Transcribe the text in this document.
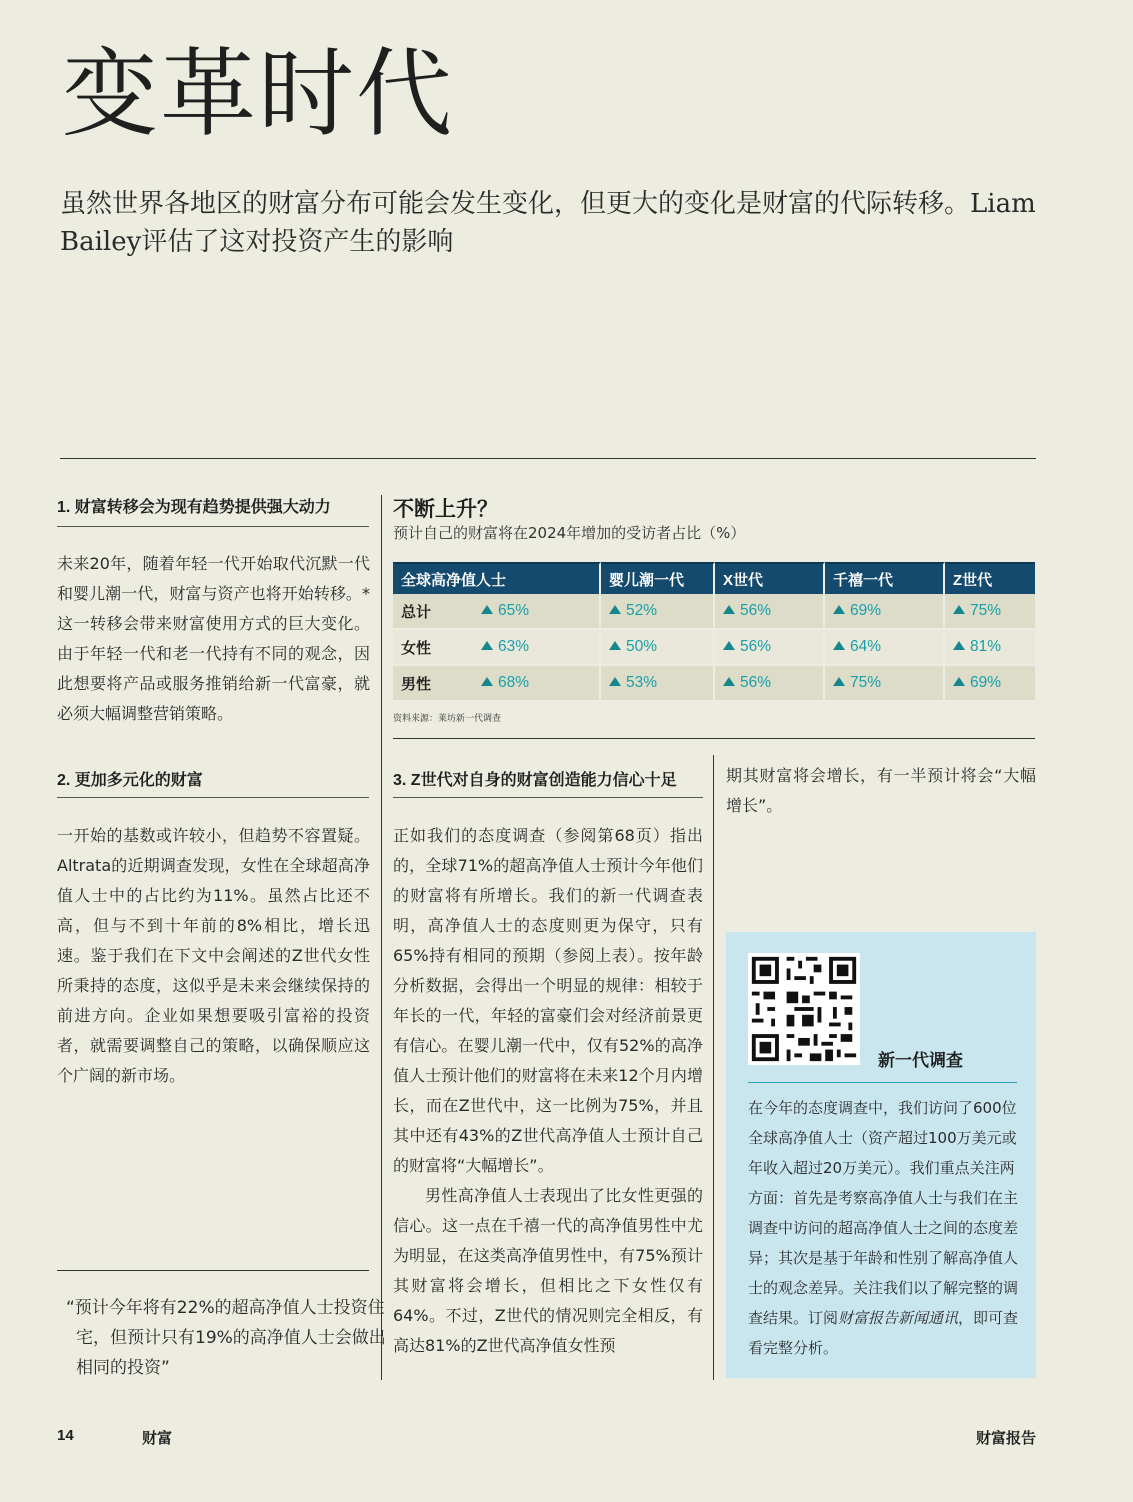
变革时代
虽然世界各地区的财富分布可能会发生变化，但更大的变化是财富的代际转移。Liam Bailey评估了这对投资产生的影响
1. 财富转移会为现有趋势提供强大动力
未来20年，随着年轻一代开始取代沉默一代和婴儿潮一代，财富与资产也将开始转移。*这一转移会带来财富使用方式的巨大变化。由于年轻一代和老一代持有不同的观念，因此想要将产品或服务推销给新一代富豪，就必须大幅调整营销策略。
2. 更加多元化的财富
一开始的基数或许较小，但趋势不容置疑。Altrata的近期调查发现，女性在全球超高净值人士中的占比约为11%。虽然占比还不高，但与不到十年前的8%相比，增长迅速。鉴于我们在下文中会阐述的Z世代女性所秉持的态度，这似乎是未来会继续保持的前进方向。企业如果想要吸引富裕的投资者，就需要调整自己的策略，以确保顺应这个广阔的新市场。
“预计今年将有22%的超高净值人士投资住宅，但预计只有19%的高净值人士会做出相同的投资”
不断上升？
预计自己的财富将在2024年增加的受访者占比（%）
全球高净值人士		婴儿潮一代	X世代	千禧一代	Z世代
总计	65%	52%	56%	69%	75%
女性	63%	50%	56%	64%	81%
男性	68%	53%	56%	75%	69%
资料来源：莱坊新一代调查
3. Z世代对自身的财富创造能力信心十足

正如我们的态度调查（参阅第68页）指出的，全球71%的超高净值人士预计今年他们的财富将有所增长。我们的新一代调查表明，高净值人士的态度则更为保守，只有65%持有相同的预期（参阅上表）。按年龄分析数据，会得出一个明显的规律：相较于年长的一代，年轻的富豪们会对经济前景更有信心。在婴儿潮一代中，仅有52%的高净值人士预计他们的财富将在未来12个月内增长，而在Z世代中，这一比例为75%，并且其中还有43%的Z世代高净值人士预计自己的财富将“大幅增长”。

男性高净值人士表现出了比女性更强的信心。这一点在千禧一代的高净值男性中尤为明显，在这类高净值男性中，有75%预计其财富将会增长，但相比之下女性仅有64%。不过，Z世代的情况则完全相反，有高达81%的Z世代高净值女性预

期其财富将会增长，有一半预计将会“大幅增长”。
新一代调查
在今年的态度调查中，我们访问了600位全球高净值人士（资产超过100万美元或年收入超过20万美元）。我们重点关注两方面：首先是考察高净值人士与我们在主调查中访问的超高净值人士之间的态度差异；其次是基于年龄和性别了解高净值人士的观念差异。关注我们以了解完整的调查结果。订阅财富报告新闻通讯，即可查看完整分析。
14	财富	财富报告
